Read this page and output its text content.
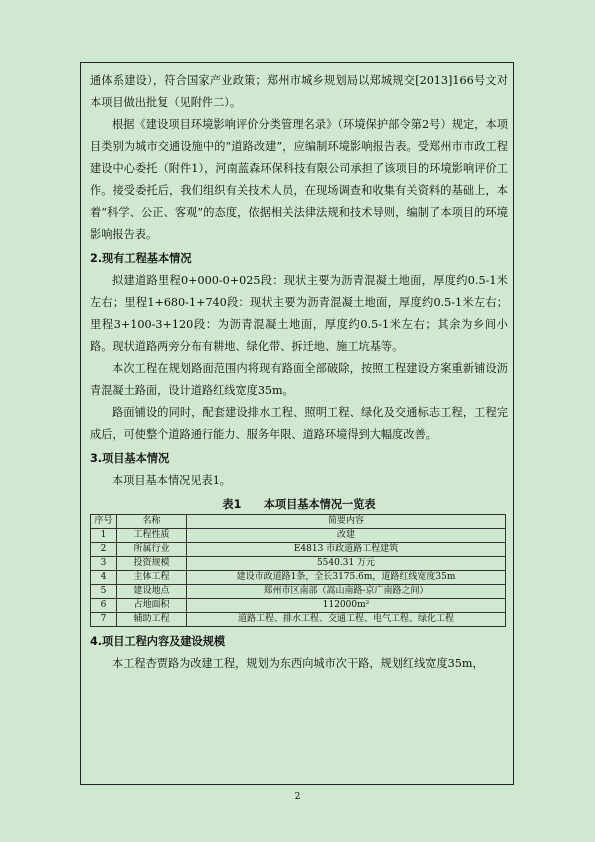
通体系建设），符合国家产业政策；郑州市城乡规划局以郑城规交[2013]166号文对本项目做出批复（见附件二）。

根据《建设项目环境影响评价分类管理名录》（环境保护部令第2号）规定，本项目类别为城市交通设施中的“道路改建”，应编制环境影响报告表。受郑州市市政工程建设中心委托（附件1），河南蓝森环保科技有限公司承担了该项目的环境影响评价工作。接受委托后，我们组织有关技术人员，在现场调查和收集有关资料的基础上，本着“科学、公正、客观”的态度，依据相关法律法规和技术导则，编制了本项目的环境影响报告表。

2.现有工程基本情况

拟建道路里程0+000-0+025段：现状主要为沥青混凝土地面，厚度约0.5-1米左右；里程1+680-1+740段：现状主要为沥青混凝土地面，厚度约0.5-1米左右；里程3+100-3+120段：为沥青混凝土地面，厚度约0.5-1米左右；其余为乡间小路。现状道路两旁分布有耕地、绿化带、拆迁地、施工坑基等。

本次工程在规划路面范围内将现有路面全部破除，按照工程建设方案重新铺设沥青混凝土路面，设计道路红线宽度35m。

路面铺设的同时，配套建设排水工程、照明工程、绿化及交通标志工程，工程完成后，可使整个道路通行能力、服务年限、道路环境得到大幅度改善。

3.项目基本情况

本项目基本情况见表1。

表1　　本项目基本情况一览表
序号	名称	简要内容
1	工程性质	改建
2	所属行业	E4813 市政道路工程建筑
3	投资规模	5540.31 万元
4	主体工程	建设市政道路1条，全长3175.6m，道路红线宽度35m
5	建设地点	郑州市区南部（嵩山南路-京广南路之间）
6	占地面积	112000m²
7	辅助工程	道路工程、排水工程、交通工程、电气工程、绿化工程
4.项目工程内容及建设规模

本工程杏贾路为改建工程，规划为东西向城市次干路，规划红线宽度35m，

2
